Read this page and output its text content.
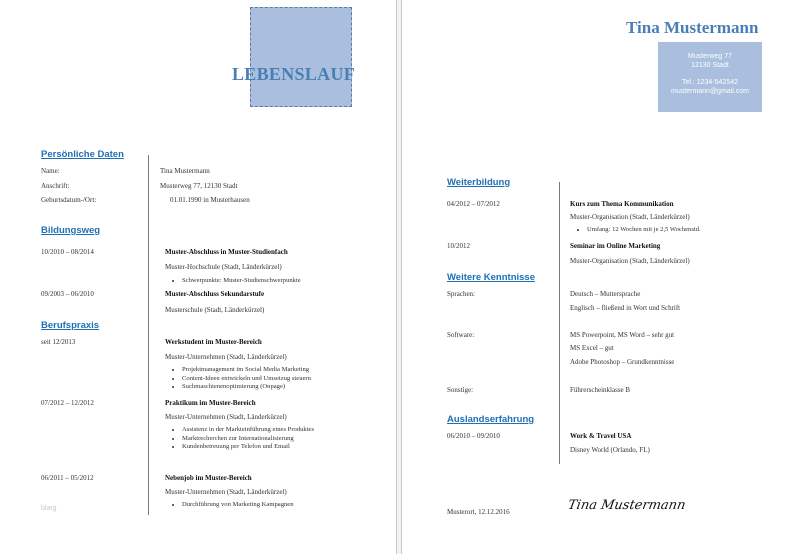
LEBENSLAUF
Persönliche Daten
Name:	Tina Mustermann
Anschrift:	Musterweg 77, 12130 Stadt
Geburtsdatum-/Ort:	01.01.1990 in Musterhausen
Bildungsweg
10/2010 – 08/2014	Muster-Abschluss in Muster-Studienfach
Muster-Hochschule (Stadt, Länderkürzel)
• Schwerpunkte: Muster-Studienschwerpunkte
09/2003 – 06/2010	Muster-Abschluss Sekundarstufe
Musterschule (Stadt, Länderkürzel)
Berufspraxis
seit 12/2013	Werkstudent im Muster-Bereich
Muster-Unternehmen (Stadt, Länderkürzel)
• Projektmanagement im Social Media Marketing
• Content-Ideen entwickeln und Umsetzug steuern
• Suchmaschienenoptimierung (Onpage)
07/2012 – 12/2012	Praktikum im Muster-Bereich
Muster-Unternehmen (Stadt, Länderkürzel)
• Assistenz in der Markteinführung eines Produktes
• Marktrecherchen zur Internationalisierung
• Kundenbetreuung per Telefon und Email
06/2011 – 05/2012	Nebenjob im Muster-Bereich
Muster-Unternehmen (Stadt, Länderkürzel)
• Durchführung von Marketing Kampagnen
blarg
Tina Mustermann
Musterweg 77
12130 Stadt
Tel.: 1234-542542
mustermann@gmail.com
Weiterbildung
04/2012 – 07/2012	Kurs zum Thema Kommunikation
Muster-Organisation (Stadt, Länderkürzel)
• Umfang: 12 Wochen mit je 2,5 Wochenstd.
10/2012	Seminar im Online Marketing
Muster-Organisation (Stadt, Länderkürzel)
Weitere Kenntnisse
Sprachen:	Deutsch – Muttersprache
Englisch – fließend in Wort und Schrift
Software:	MS Powerpoint, MS Word – sehr gut
MS Excel – gut
Adobe Photoshop – Grundkenntnisse
Sonstige:	Führerscheinklasse B
Auslandserfahrung
06/2010 – 09/2010	Work & Travel USA
Disney World (Orlando, FL)
Musterort, 12.12.2016	Tina Mustermann
